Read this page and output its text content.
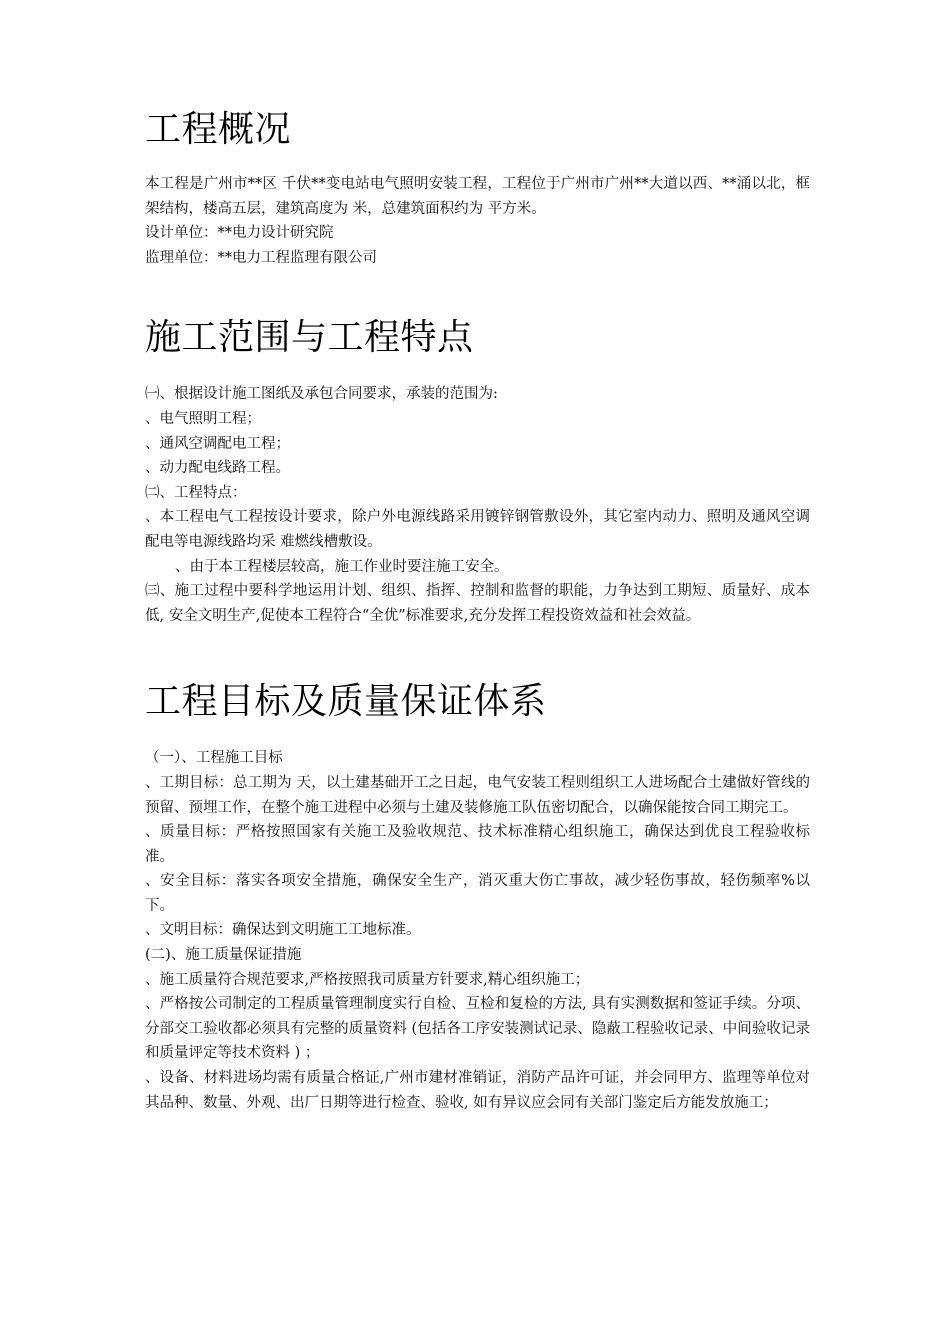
工程概况

本工程是广州市**区 千伏**变电站电气照明安装工程，工程位于广州市广州**大道以西、**涌以北，框架结构，楼高五层，建筑高度为 米，总建筑面积约为 平方米。

设计单位：**电力设计研究院

监理单位：**电力工程监理有限公司

施工范围与工程特点

㈠、根据设计施工图纸及承包合同要求，承装的范围为:

、电气照明工程；

、通风空调配电工程；

、动力配电线路工程。

㈡、工程特点：

、本工程电气工程按设计要求，除户外电源线路采用镀锌钢管敷设外，其它室内动力、照明及通风空调配电等电源线路均采 难燃线槽敷设。

、由于本工程楼层较高，施工作业时要注施工安全。

㈢、施工过程中要科学地运用计划、组织、指挥、控制和监督的职能，力争达到工期短、质量好、成本低, 安全文明生产,促使本工程符合“全优”标准要求,充分发挥工程投资效益和社会效益。

工程目标及质量保证体系

（一）、工程施工目标

、工期目标：总工期为 天，以土建基础开工之日起，电气安装工程则组织工人进场配合土建做好管线的预留、预埋工作，在整个施工进程中必须与土建及装修施工队伍密切配合，以确保能按合同工期完工。

、质量目标：严格按照国家有关施工及验收规范、技术标准精心组织施工，确保达到优良工程验收标准。

、安全目标：落实各项安全措施，确保安全生产，消灭重大伤亡事故，减少轻伤事故，轻伤频率%以下。

、文明目标：确保达到文明施工工地标准。

(二)、施工质量保证措施

、施工质量符合规范要求,严格按照我司质量方针要求,精心组织施工；

、严格按公司制定的工程质量管理制度实行自检、互检和复检的方法, 具有实测数据和签证手续。分项、分部交工验收都必须具有完整的质量资料 (包括各工序安装测试记录、隐蔽工程验收记录、中间验收记录和质量评定等技术资料 ) ；

、设备、材料进场均需有质量合格证,广州市建材准销证，消防产品许可证，并会同甲方、监理等单位对其品种、数量、外观、出厂日期等进行检查、验收, 如有异议应会同有关部门鉴定后方能发放施工；
